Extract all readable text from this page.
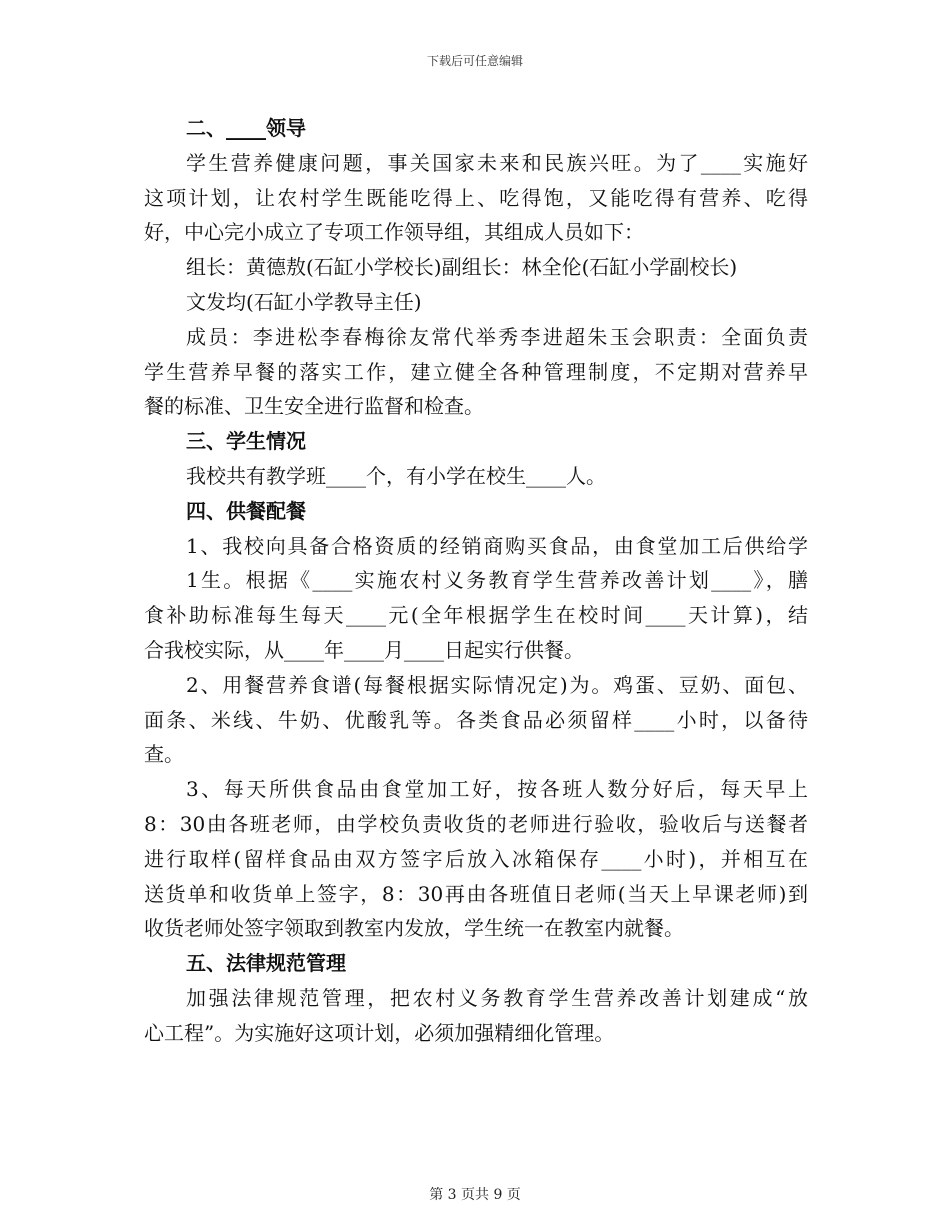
下载后可任意编辑
二、____领导
学生营养健康问题，事关国家未来和民族兴旺。为了____实施好
这项计划，让农村学生既能吃得上、吃得饱，又能吃得有营养、吃得
好，中心完小成立了专项工作领导组，其组成人员如下：
组长：黄德敖(石缸小学校长)副组长：林全伦(石缸小学副校长)
文发均(石缸小学教导主任)
成员：李进松李春梅徐友常代举秀李进超朱玉会职责：全面负责
学生营养早餐的落实工作，建立健全各种管理制度，不定期对营养早
餐的标准、卫生安全进行监督和检查。
三、学生情况
我校共有教学班____个，有小学在校生____人。
四、供餐配餐
1、我校向具备合格资质的经销商购买食品，由食堂加工后供给学
1生。根据《____实施农村义务教育学生营养改善计划____》，膳
食补助标准每生每天____元(全年根据学生在校时间____天计算)，结
合我校实际，从____年____月____日起实行供餐。
2、用餐营养食谱(每餐根据实际情况定)为。鸡蛋、豆奶、面包、
面条、米线、牛奶、优酸乳等。各类食品必须留样____小时，以备待
查。
3、每天所供食品由食堂加工好，按各班人数分好后，每天早上
8：30由各班老师，由学校负责收货的老师进行验收，验收后与送餐者
进行取样(留样食品由双方签字后放入冰箱保存____小时)，并相互在
送货单和收货单上签字，8：30再由各班值日老师(当天上早课老师)到
收货老师处签字领取到教室内发放，学生统一在教室内就餐。
五、法律规范管理
加强法律规范管理，把农村义务教育学生营养改善计划建成“放
心工程”。为实施好这项计划，必须加强精细化管理。
第 3 页共 9 页
